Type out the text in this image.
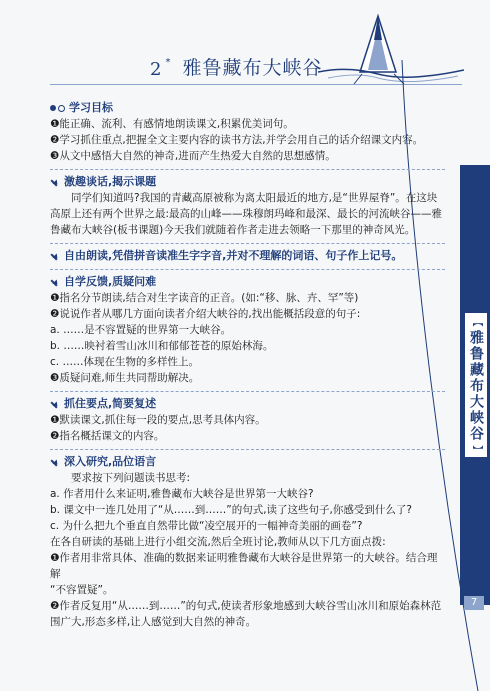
2 * 雅鲁藏布大峡谷
【
雅鲁藏布大峡谷
】
7
学习目标

❶能正确、流利、有感情地朗读课文,积累优美词句。

❷学习抓住重点,把握全文主要内容的读书方法,并学会用自己的话介绍课文内容。

❸从文中感悟大自然的神奇,进而产生热爱大自然的思想感情。

激趣谈话,揭示课题

同学们知道吗?我国的青藏高原被称为离太阳最近的地方,是“世界屋脊”。在这块

高原上还有两个世界之最:最高的山峰——珠穆朗玛峰和最深、最长的河流峡谷——雅

鲁藏布大峡谷(板书课题)今天我们就随着作者走进去领略一下那里的神奇风光。

自由朗读,凭借拼音读准生字字音,并对不理解的词语、句子作上记号。
自学反馈,质疑问难

❶指名分节朗读,结合对生字读音的正音。(如:“移、脉、卉、罕”等)

❷说说作者从哪几方面向读者介绍大峡谷的,找出能概括段意的句子:

a. ……是不容置疑的世界第一大峡谷。

b. ……映衬着雪山冰川和郁郁苍苍的原始林海。

c. ……体现在生物的多样性上。

❸质疑问难,师生共同帮助解决。

抓住要点,简要复述

❶默读课文,抓住每一段的要点,思考具体内容。

❷指名概括课文的内容。

深入研究,品位语言

要求按下列问题读书思考:

a. 作者用什么来证明,雅鲁藏布大峡谷是世界第一大峡谷?

b. 课文中一连几处用了“从……到……”的句式,读了这些句子,你感受到什么了?

c. 为什么把九个垂直自然带比做“凌空展开的一幅神奇美丽的画卷”?

在各自研读的基础上进行小组交流,然后全班讨论,教师从以下几方面点拨:

❶作者用非常具体、准确的数据来证明雅鲁藏布大峡谷是世界第一的大峡谷。结合理解

“不容置疑”。

❷作者反复用“从……到……”的句式,使读者形象地感到大峡谷雪山冰川和原始森林范

围广大,形态多样,让人感觉到大自然的神奇。
